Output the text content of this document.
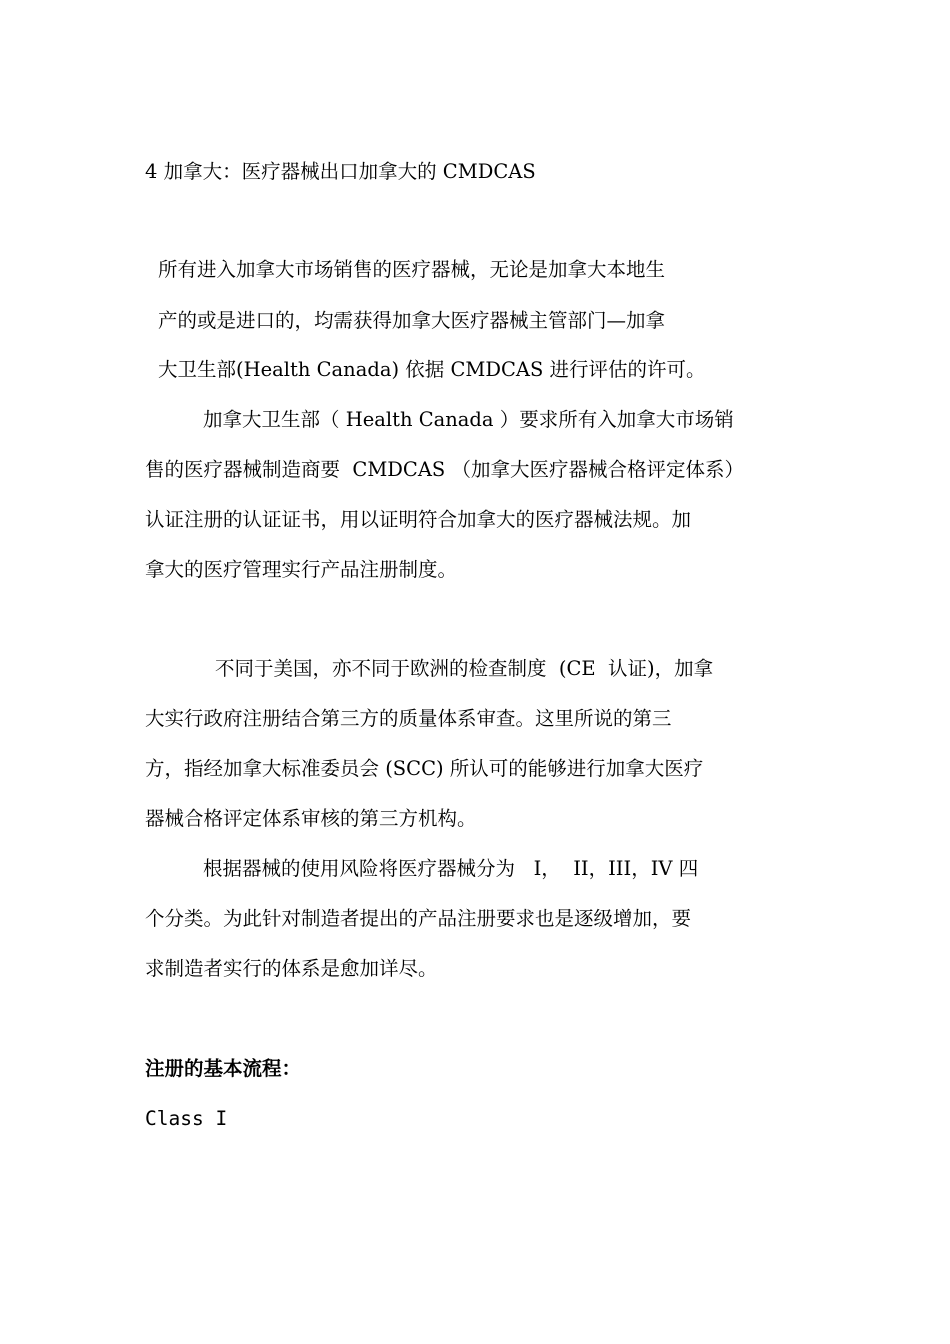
4 加拿大：医疗器械出口加拿大的 CMDCAS
所有进入加拿大市场销售的医疗器械，无论是加拿大本地生
产的或是进口的，均需获得加拿大医疗器械主管部门—加拿
大卫生部(Health Canada) 依据 CMDCAS 进行评估的许可。
加拿大卫生部（ Health Canada ）要求所有入加拿大市场销
售的医疗器械制造商要  CMDCAS （加拿大医疗器械合格评定体系）
认证注册的认证证书，用以证明符合加拿大的医疗器械法规。加
拿大的医疗管理实行产品注册制度。
不同于美国，亦不同于欧洲的检查制度  (CE  认证)，加拿
大实行政府注册结合第三方的质量体系审查。这里所说的第三
方，指经加拿大标准委员会 (SCC) 所认可的能够进行加拿大医疗
器械合格评定体系审核的第三方机构。
根据器械的使用风险将医疗器械分为   I，  II，III，IV 四
个分类。为此针对制造者提出的产品注册要求也是逐级增加，要
求制造者实行的体系是愈加详尽。
注册的基本流程：
Class I
